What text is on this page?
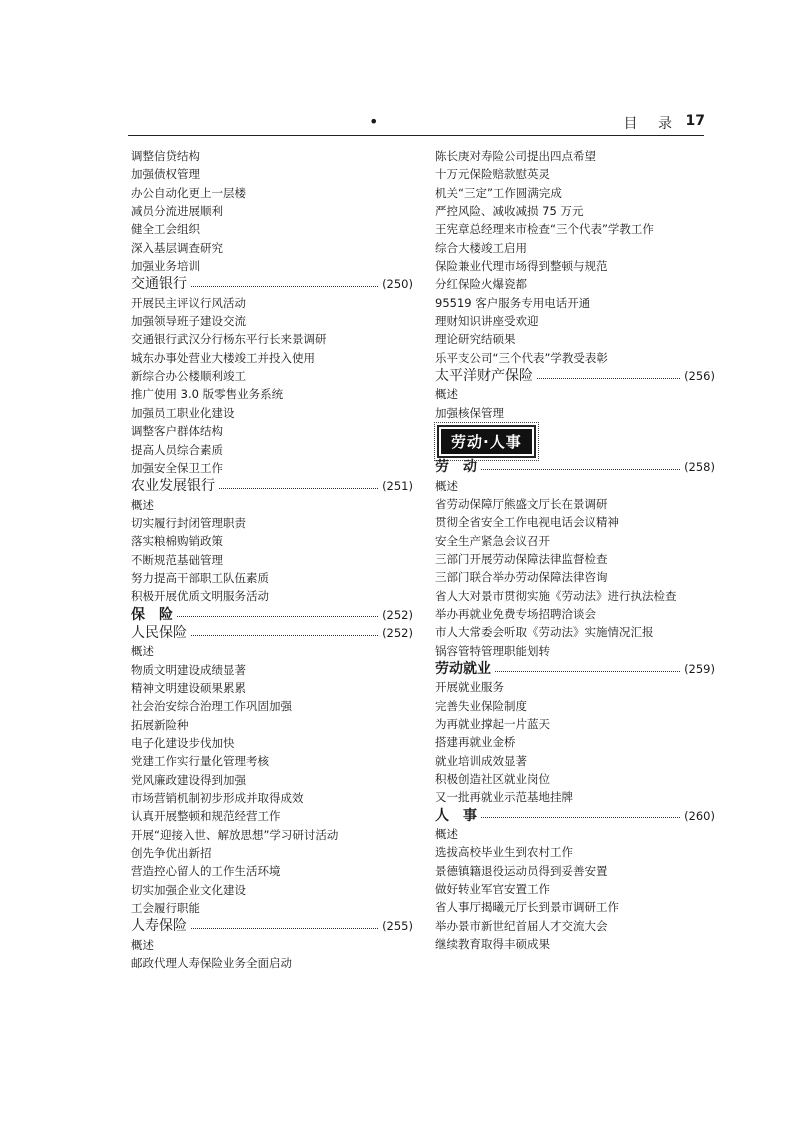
•	目 录 17
调整信贷结构
加强债权管理
办公自动化更上一层楼
减员分流进展顺利
健全工会组织
深入基层调查研究
加强业务培训
交通银行	(250)
开展民主评议行风活动
加强领导班子建设交流
交通银行武汉分行杨东平行长来景调研
城东办事处营业大楼竣工并投入使用
新综合办公楼顺利竣工
推广使用 3.0 版零售业务系统
加强员工职业化建设
调整客户群体结构
提高人员综合素质
加强安全保卫工作
农业发展银行	(251)
概述
切实履行封闭管理职责
落实粮棉购销政策
不断规范基础管理
努力提高干部职工队伍素质
积极开展优质文明服务活动
保　险	(252)
人民保险	(252)
概述
物质文明建设成绩显著
精神文明建设硕果累累
社会治安综合治理工作巩固加强
拓展新险种
电子化建设步伐加快
党建工作实行量化管理考核
党风廉政建设得到加强
市场营销机制初步形成并取得成效
认真开展整顿和规范经营工作
开展“迎接入世、解放思想”学习研讨活动
创先争优出新招
营造控心留人的工作生活环境
切实加强企业文化建设
工会履行职能
人寿保险	(255)
概述
邮政代理人寿保险业务全面启动
陈长庚对寿险公司提出四点希望
十万元保险赔款慰英灵
机关“三定”工作圆满完成
严控风险、减收减损 75 万元
王宪章总经理来市检查“三个代表”学教工作
综合大楼竣工启用
保险兼业代理市场得到整顿与规范
分红保险火爆瓷都
95519 客户服务专用电话开通
理财知识讲座受欢迎
理论研究结硕果
乐平支公司“三个代表”学教受表彰
太平洋财产保险	(256)
概述
加强核保管理
劳动·人事
劳　动	(258)
概述
省劳动保障厅熊盛文厅长在景调研
贯彻全省安全工作电视电话会议精神
安全生产紧急会议召开
三部门开展劳动保障法律监督检查
三部门联合举办劳动保障法律咨询
省人大对景市贯彻实施《劳动法》进行执法检查
举办再就业免费专场招聘洽谈会
市人大常委会听取《劳动法》实施情况汇报
锅容管特管理职能划转
劳动就业	(259)
开展就业服务
完善失业保险制度
为再就业撑起一片蓝天
搭建再就业金桥
就业培训成效显著
积极创造社区就业岗位
又一批再就业示范基地挂牌
人　事	(260)
概述
选拔高校毕业生到农村工作
景德镇籍退役运动员得到妥善安置
做好转业军官安置工作
省人事厅揭曦元厅长到景市调研工作
举办景市新世纪首届人才交流大会
继续教育取得丰硕成果
